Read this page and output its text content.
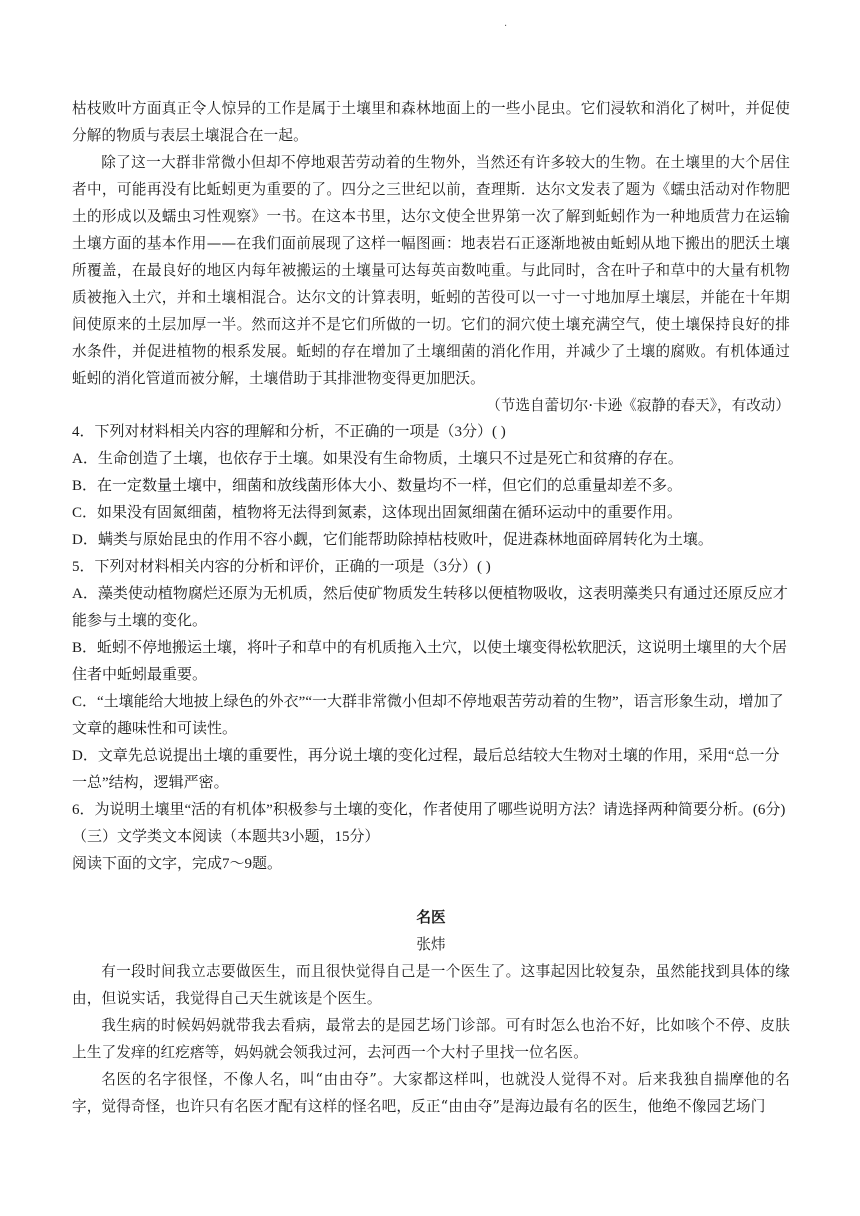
.

枯枝败叶方面真正令人惊异的工作是属于土壤里和森林地面上的一些小昆虫。它们浸软和消化了树叶，并促使分解的物质与表层土壤混合在一起。

除了这一大群非常微小但却不停地艰苦劳动着的生物外，当然还有许多较大的生物。在土壤里的大个居住者中，可能再没有比蚯蚓更为重要的了。四分之三世纪以前，查理斯．达尔文发表了题为《蠕虫活动对作物肥土的形成以及蠕虫习性观察》一书。在这本书里，达尔文使全世界第一次了解到蚯蚓作为一种地质营力在运输土壤方面的基本作用——在我们面前展现了这样一幅图画：地表岩石正逐渐地被由蚯蚓从地下搬出的肥沃土壤所覆盖，在最良好的地区内每年被搬运的土壤量可达每英亩数吨重。与此同时，含在叶子和草中的大量有机物质被拖入土穴，并和土壤相混合。达尔文的计算表明，蚯蚓的苦役可以一寸一寸地加厚土壤层，并能在十年期间使原来的土层加厚一半。然而这并不是它们所做的一切。它们的洞穴使土壤充满空气，使土壤保持良好的排水条件，并促进植物的根系发展。蚯蚓的存在增加了土壤细菌的消化作用，并减少了土壤的腐败。有机体通过蚯蚓的消化管道而被分解，土壤借助于其排泄物变得更加肥沃。

（节选自蕾切尔·卡逊《寂静的春天》，有改动）

4．下列对材料相关内容的理解和分析，不正确的一项是（3分）( )

A．生命创造了土壤，也依存于土壤。如果没有生命物质，土壤只不过是死亡和贫瘠的存在。

B．在一定数量土壤中，细菌和放线菌形体大小、数量均不一样，但它们的总重量却差不多。

C．如果没有固氮细菌，植物将无法得到氮素，这体现出固氮细菌在循环运动中的重要作用。

D．螨类与原始昆虫的作用不容小觑，它们能帮助除掉枯枝败叶，促进森林地面碎屑转化为土壤。

5．下列对材料相关内容的分析和评价，正确的一项是（3分）( )

A．藻类使动植物腐烂还原为无机质，然后使矿物质发生转移以便植物吸收，这表明藻类只有通过还原反应才能参与土壤的变化。

B．蚯蚓不停地搬运土壤，将叶子和草中的有机质拖入土穴，以使土壤变得松软肥沃，这说明土壤里的大个居住者中蚯蚓最重要。

C．“土壤能给大地披上绿色的外衣”“一大群非常微小但却不停地艰苦劳动着的生物”，语言形象生动，增加了文章的趣味性和可读性。

D．文章先总说提出土壤的重要性，再分说土壤的变化过程，最后总结较大生物对土壤的作用，采用“总一分一总”结构，逻辑严密。

6．为说明土壤里“活的有机体”积极参与土壤的变化，作者使用了哪些说明方法？请选择两种简要分析。(6分)

（三）文学类文本阅读（本题共3小题，15分）

阅读下面的文字，完成7～9题。

名医

张炜

有一段时间我立志要做医生，而且很快觉得自己是一个医生了。这事起因比较复杂，虽然能找到具体的缘由，但说实话，我觉得自己天生就该是个医生。

我生病的时候妈妈就带我去看病，最常去的是园艺场门诊部。可有时怎么也治不好，比如咳个不停、皮肤上生了发痒的红疙瘩等，妈妈就会领我过河，去河西一个大村子里找一位名医。

名医的名字很怪，不像人名，叫“由由夺”。大家都这样叫，也就没人觉得不对。后来我独自揣摩他的名字，觉得奇怪，也许只有名医才配有这样的怪名吧，反正“由由夺”是海边最有名的医生，他绝不像园艺场门
